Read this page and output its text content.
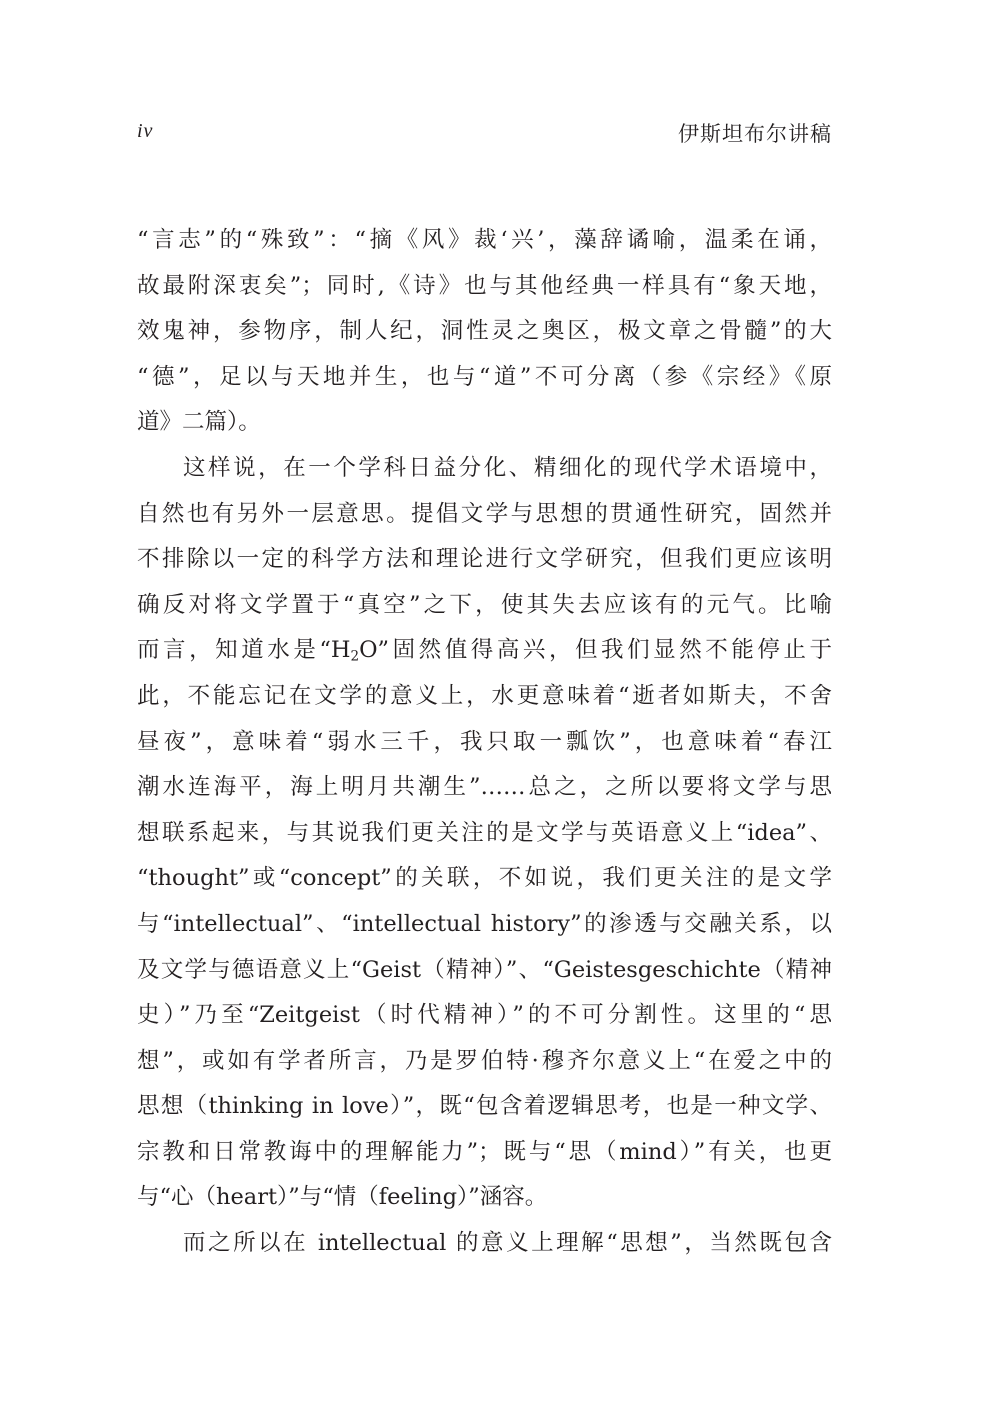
iv	伊斯坦布尔讲稿
“言志”的“殊致”：“摘《风》裁‘兴’，藻辞谲喻，温柔在诵，
故最附深衷矣”；同时,《诗》也与其他经典一样具有“象天地，
效鬼神，参物序，制人纪，洞性灵之奥区，极文章之骨髓”的大
“德”，足以与天地并生，也与“道”不可分离（参《宗经》《原
道》二篇）。
这样说，在一个学科日益分化、精细化的现代学术语境中，
自然也有另外一层意思。提倡文学与思想的贯通性研究，固然并
不排除以一定的科学方法和理论进行文学研究，但我们更应该明
确反对将文学置于“真空”之下，使其失去应该有的元气。比喻
而言，知道水是“$H_2O$”固然值得高兴，但我们显然不能停止于
此，不能忘记在文学的意义上，水更意味着“逝者如斯夫，不舍
昼夜”，意味着“弱水三千，我只取一瓢饮”，也意味着“春江
潮水连海平，海上明月共潮生”……总之，之所以要将文学与思
想联系起来，与其说我们更关注的是文学与英语意义上“idea”、
“thought”或“concept”的关联，不如说，我们更关注的是文学
与“intellectual”、“intellectual history”的渗透与交融关系，以
及文学与德语意义上“Geist（精神）”、“Geistesgeschichte（精神
史）”乃至“Zeitgeist（时代精神）”的不可分割性。这里的“思
想”，或如有学者所言，乃是罗伯特·穆齐尔意义上“在爱之中的
思想（thinking in love）”，既“包含着逻辑思考，也是一种文学、
宗教和日常教诲中的理解能力”；既与“思（mind）”有关，也更
与“心（heart）”与“情（feeling）”涵容。
而之所以在 intellectual 的意义上理解“思想”，当然既包含
